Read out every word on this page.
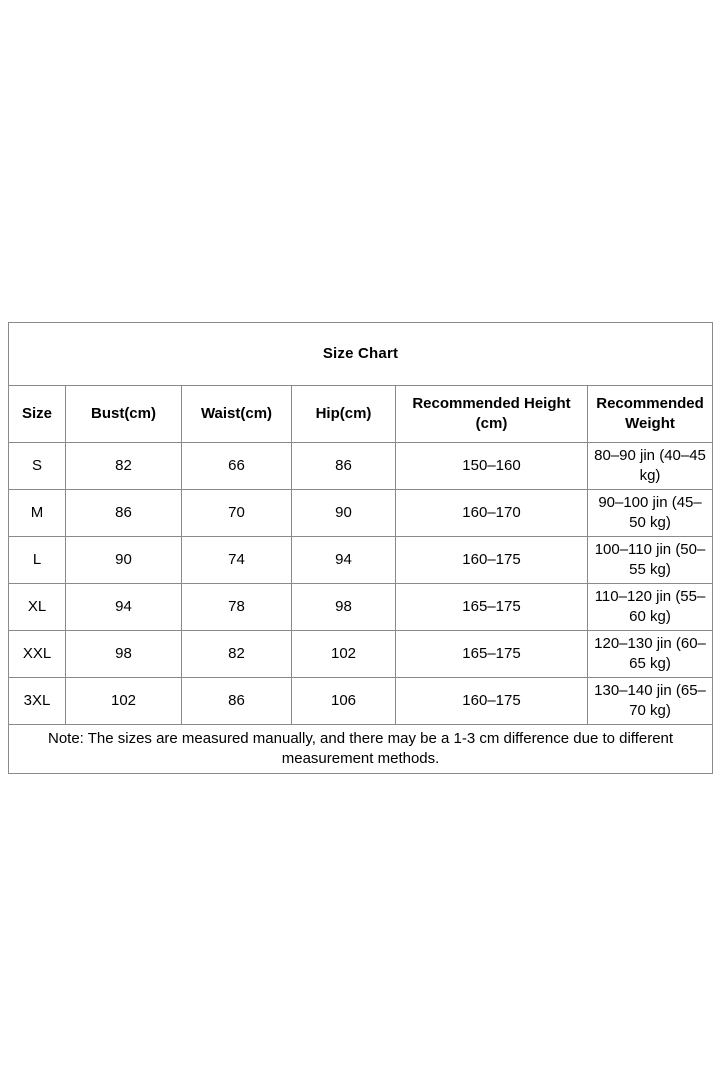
Size Chart					
Size	Bust(cm)	Waist(cm)	Hip(cm)	Recommended Height (cm)	Recommended Weight
S	82	66	86	150–160	80–90 jin (40–45 kg)
M	86	70	90	160–170	90–100 jin (45–50 kg)
L	90	74	94	160–175	100–110 jin (50–55 kg)
XL	94	78	98	165–175	110–120 jin (55–60 kg)
XXL	98	82	102	165–175	120–130 jin (60–65 kg)
3XL	102	86	106	160–175	130–140 jin (65–70 kg)
Note: The sizes are measured manually, and there may be a 1-3 cm difference due to different measurement methods.					
